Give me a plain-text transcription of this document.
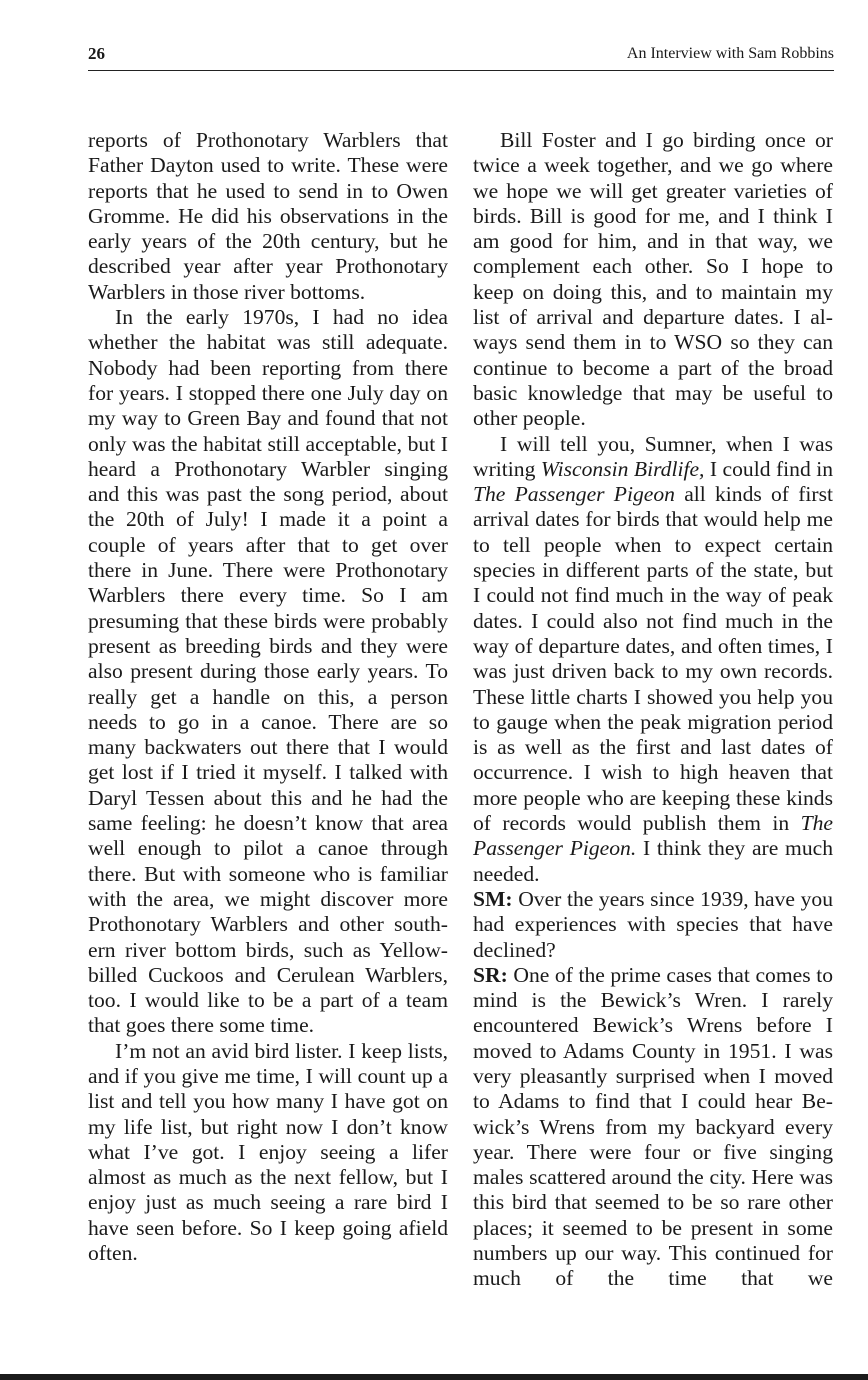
26	An Interview with Sam Robbins

reports of Prothonotary Warblers that Father Dayton used to write. These were reports that he used to send in to Owen Gromme. He did his observations in the early years of the 20th century, but he described year after year Prothonotary Warblers in those river bottoms.

In the early 1970s, I had no idea whether the habitat was still adequate. Nobody had been reporting from there for years. I stopped there one July day on my way to Green Bay and found that not only was the habitat still acceptable, but I heard a Prothonotary Warbler singing and this was past the song period, about the 20th of July! I made it a point a couple of years after that to get over there in June. There were Prothonotary Warblers there every time. So I am presuming that these birds were probably present as breeding birds and they were also present during those early years. To really get a handle on this, a person needs to go in a canoe. There are so many backwaters out there that I would get lost if I tried it myself. I talked with Daryl Tessen about this and he had the same feeling: he doesn’t know that area well enough to pilot a canoe through there. But with someone who is familiar with the area, we might discover more Prothonotary Warblers and other southern river bottom birds, such as Yellow-billed Cuckoos and Cerulean Warblers, too. I would like to be a part of a team that goes there some time.

I’m not an avid bird lister. I keep lists, and if you give me time, I will count up a list and tell you how many I have got on my life list, but right now I don’t know what I’ve got. I enjoy seeing a lifer almost as much as the next fellow, but I enjoy just as much seeing a rare bird I have seen before. So I keep going afield often.

Bill Foster and I go birding once or twice a week together, and we go where we hope we will get greater varieties of birds. Bill is good for me, and I think I am good for him, and in that way, we complement each other. So I hope to keep on doing this, and to maintain my list of arrival and departure dates. I always send them in to WSO so they can continue to become a part of the broad basic knowledge that may be useful to other people.

I will tell you, Sumner, when I was writing Wisconsin Birdlife, I could find in The Passenger Pigeon all kinds of first arrival dates for birds that would help me to tell people when to expect certain species in different parts of the state, but I could not find much in the way of peak dates. I could also not find much in the way of departure dates, and often times, I was just driven back to my own records. These little charts I showed you help you to gauge when the peak migration period is as well as the first and last dates of occurrence. I wish to high heaven that more people who are keeping these kinds of records would publish them in The Passenger Pigeon. I think they are much needed.

SM: Over the years since 1939, have you had experiences with species that have declined?

SR: One of the prime cases that comes to mind is the Bewick’s Wren. I rarely encountered Bewick’s Wrens before I moved to Adams County in 1951. I was very pleasantly surprised when I moved to Adams to find that I could hear Bewick’s Wrens from my backyard every year. There were four or five singing males scattered around the city. Here was this bird that seemed to be so rare other places; it seemed to be present in some numbers up our way. This continued for much of the time that we
